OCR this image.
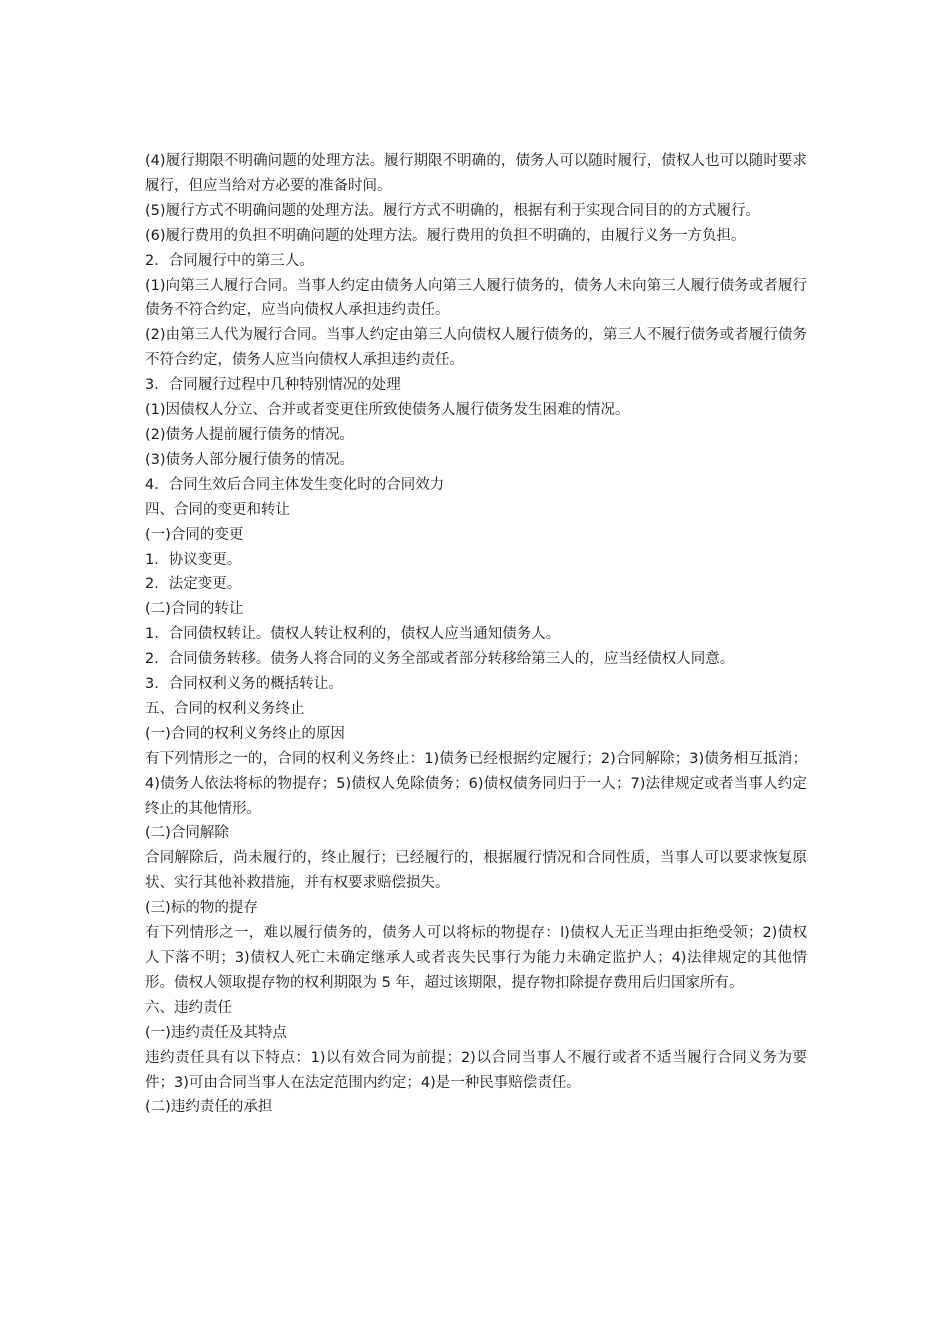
(4)履行期限不明确问题的处理方法。履行期限不明确的，债务人可以随时履行，债权人也可以随时要求履行，但应当给对方必要的准备时间。

(5)履行方式不明确问题的处理方法。履行方式不明确的，根据有利于实现合同目的的方式履行。

(6)履行费用的负担不明确问题的处理方法。履行费用的负担不明确的，由履行义务一方负担。

2．合同履行中的第三人。

(1)向第三人履行合同。当事人约定由债务人向第三人履行债务的，债务人未向第三人履行债务或者履行债务不符合约定，应当向债权人承担违约责任。

(2)由第三人代为履行合同。当事人约定由第三人向债权人履行债务的，第三人不履行债务或者履行债务不符合约定，债务人应当向债权人承担违约责任。

3．合同履行过程中几种特别情况的处理

(1)因债权人分立、合并或者变更住所致使债务人履行债务发生困难的情况。

(2)债务人提前履行债务的情况。

(3)债务人部分履行债务的情况。

4．合同生效后合同主体发生变化时的合同效力

四、合同的变更和转让

(一)合同的变更

1．协议变更。

2．法定变更。

(二)合同的转让

1．合同债权转让。债权人转让权利的，债权人应当通知债务人。

2．合同债务转移。债务人将合同的义务全部或者部分转移给第三人的，应当经债权人同意。

3．合同权利义务的概括转让。

五、合同的权利义务终止

(一)合同的权利义务终止的原因

有下列情形之一的，合同的权利义务终止：1)债务已经根据约定履行；2)合同解除；3)债务相互抵消；4)债务人依法将标的物提存；5)债权人免除债务；6)债权债务同归于一人；7)法律规定或者当事人约定终止的其他情形。

(二)合同解除

合同解除后，尚未履行的，终止履行；已经履行的，根据履行情况和合同性质，当事人可以要求恢复原状、实行其他补救措施，并有权要求赔偿损失。

(三)标的物的提存

有下列情形之一，难以履行债务的，债务人可以将标的物提存：l)债权人无正当理由拒绝受领；2)债权人下落不明；3)债权人死亡未确定继承人或者丧失民事行为能力未确定监护人；4)法律规定的其他情形。债权人领取提存物的权利期限为 5 年，超过该期限，提存物扣除提存费用后归国家所有。

六、违约责任

(一)违约责任及其特点

违约责任具有以下特点：1)以有效合同为前提；2)以合同当事人不履行或者不适当履行合同义务为要件；3)可由合同当事人在法定范围内约定；4)是一种民事赔偿责任。

(二)违约责任的承担
